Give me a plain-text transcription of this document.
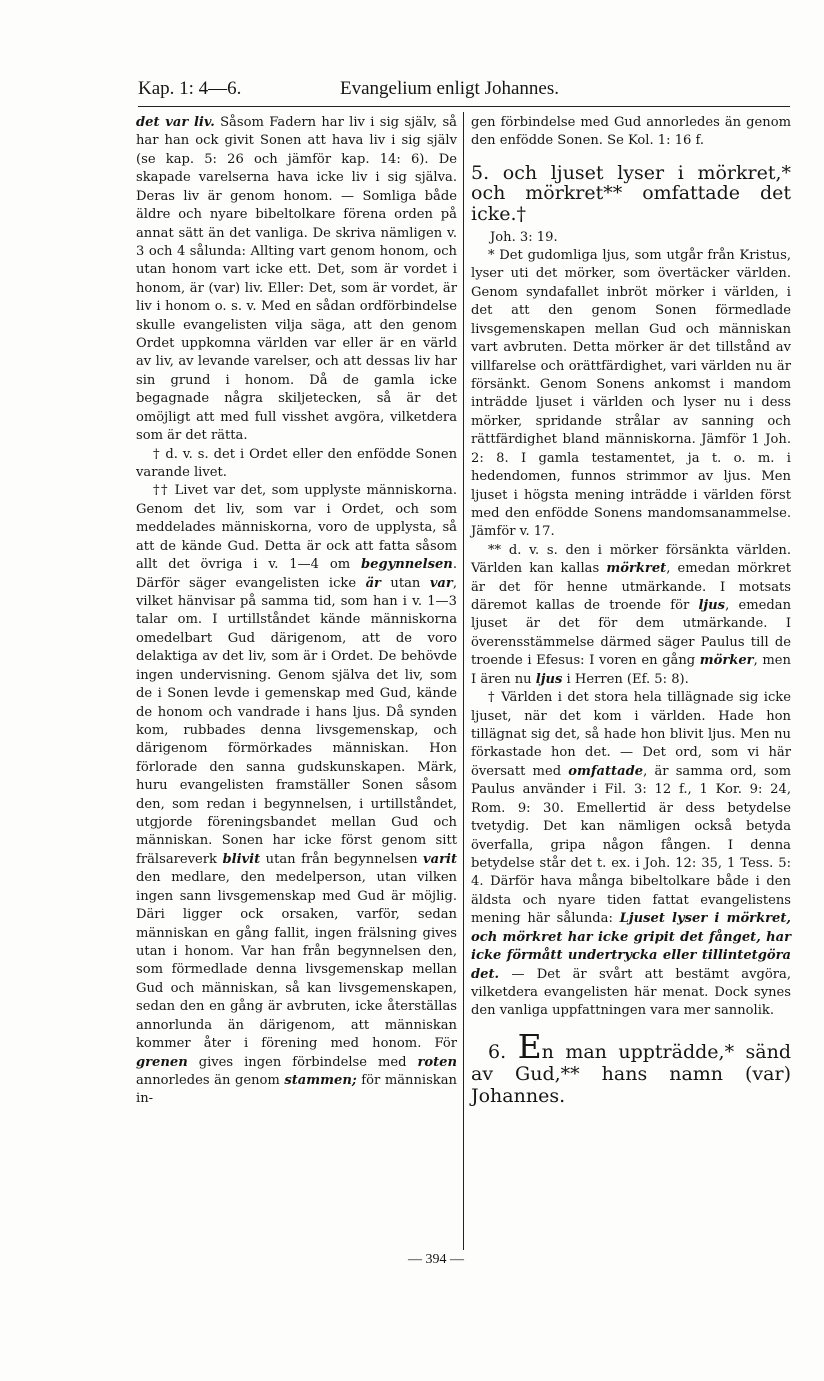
Kap. 1: 4—6.	Evangelium enligt Johannes.

det var liv. Såsom Fadern har liv i sig själv, så har han ock givit Sonen att hava liv i sig själv (se kap. 5: 26 och jämför kap. 14: 6). De skapade varelserna hava icke liv i sig själva. Deras liv är genom honom. — Somliga både äldre och nyare bibeltolkare förena orden på annat sätt än det vanliga. De skriva nämligen v. 3 och 4 sålunda: Allting vart genom honom, och utan honom vart icke ett. Det, som är vordet i honom, är (var) liv. Eller: Det, som är vordet, är liv i honom o. s. v. Med en sådan ordförbindelse skulle evangelisten vilja säga, att den genom Ordet uppkomna världen var eller är en värld av liv, av levande varelser, och att dessas liv har sin grund i honom. Då de gamla icke begagnade några skiljetecken, så är det omöjligt att med full visshet avgöra, vilketdera som är det rätta.

† d. v. s. det i Ordet eller den enfödde Sonen varande livet.

†† Livet var det, som upplyste människorna. Genom det liv, som var i Ordet, och som meddelades människorna, voro de upplysta, så att de kände Gud. Detta är ock att fatta såsom allt det övriga i v. 1—4 om begynnelsen. Därför säger evangelisten icke är utan var, vilket hänvisar på samma tid, som han i v. 1—3 talar om. I urtillståndet kände människorna omedelbart Gud därigenom, att de voro delaktiga av det liv, som är i Ordet. De behövde ingen undervisning. Genom själva det liv, som de i Sonen levde i gemenskap med Gud, kände de honom och vandrade i hans ljus. Då synden kom, rubbades denna livsgemenskap, och därigenom förmörkades människan. Hon förlorade den sanna gudskunskapen. Märk, huru evangelisten framställer Sonen såsom den, som redan i begynnelsen, i urtillståndet, utgjorde föreningsbandet mellan Gud och människan. Sonen har icke först genom sitt frälsareverk blivit utan från begynnelsen varit den medlare, den medelperson, utan vilken ingen sann livsgemenskap med Gud är möjlig. Däri ligger ock orsaken, varför, sedan människan en gång fallit, ingen frälsning gives utan i honom. Var han från begynnelsen den, som förmedlade denna livsgemenskap mellan Gud och människan, så kan livsgemenskapen, sedan den en gång är avbruten, icke återställas annorlunda än därigenom, att människan kommer åter i förening med honom. För grenen gives ingen förbindelse med roten annorledes än genom stammen; för människan in-

gen förbindelse med Gud annorledes än genom den enfödde Sonen. Se Kol. 1: 16 f.

5. och ljuset lyser i mörkret,* och mörkret** omfattade det icke.†

Joh. 3: 19.

* Det gudomliga ljus, som utgår från Kristus, lyser uti det mörker, som övertäcker världen. Genom syndafallet inbröt mörker i världen, i det att den genom Sonen förmedlade livsgemenskapen mellan Gud och människan vart avbruten. Detta mörker är det tillstånd av villfarelse och orättfärdighet, vari världen nu är försänkt. Genom Sonens ankomst i mandom inträdde ljuset i världen och lyser nu i dess mörker, spridande strålar av sanning och rättfärdighet bland människorna. Jämför 1 Joh. 2: 8. I gamla testamentet, ja t. o. m. i hedendomen, funnos strimmor av ljus. Men ljuset i högsta mening inträdde i världen först med den enfödde Sonens mandomsanammelse. Jämför v. 17.

** d. v. s. den i mörker försänkta världen. Världen kan kallas mörkret, emedan mörkret är det för henne utmärkande. I motsats däremot kallas de troende för ljus, emedan ljuset är det för dem utmärkande. I överensstämmelse därmed säger Paulus till de troende i Efesus: I voren en gång mörker, men I ären nu ljus i Herren (Ef. 5: 8).

† Världen i det stora hela tillägnade sig icke ljuset, när det kom i världen. Hade hon tillägnat sig det, så hade hon blivit ljus. Men nu förkastade hon det. — Det ord, som vi här översatt med omfattade, är samma ord, som Paulus använder i Fil. 3: 12 f., 1 Kor. 9: 24, Rom. 9: 30. Emellertid är dess betydelse tvetydig. Det kan nämligen också betyda överfalla, gripa någon fången. I denna betydelse står det t. ex. i Joh. 12: 35, 1 Tess. 5: 4. Därför hava många bibeltolkare både i den äldsta och nyare tiden fattat evangelistens mening här sålunda: Ljuset lyser i mörkret, och mörkret har icke gripit det fånget, har icke förmått undertrycka eller tillintetgöra det. — Det är svårt att bestämt avgöra, vilketdera evangelisten här menat. Dock synes den vanliga uppfattningen vara mer sannolik.

6. En man uppträdde,* sänd av Gud,** hans namn (var) Johannes.

— 394 —
